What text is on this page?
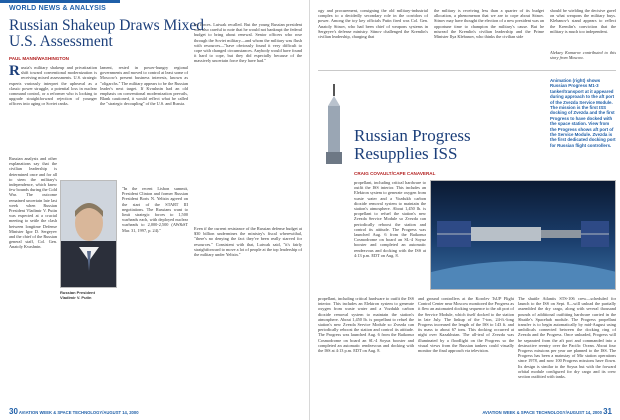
WORLD NEWS & ANALYSIS
Russian Shakeup Draws Mixed U.S. Assessment
PAUL MANN/WASHINGTON
R ussia's military shakeup and privatization shift toward conventional modernization is receiving mixed assessments. U.S. strategic experts variously interpret the upheaval as a classic power struggle, a potential loss in nuclear command control, or a reformer who is looking to upgrade straightforward rejection of younger officers into aging or Soviet ranks.
Russian analysts and other explanations say that the civilian leadership is determined once and for all to stem the military's independence, which knew few bounds during the Cold War. The outcome remained uncertain late last week when Russian President Vladimir V. Putin was expected at a crucial meeting to settle the clash between longtime Defense Minister Igor D. Sergeyev and the chief of the Russian general staff, Col. Gen. Anatoly Kvashnin.
Russian President
Vladimir V. Putin
lament, rested in power-hungry regional governments and moved to control at least some of Moscow's present business interests, known as "oligarchs." The military appears to be the Russian leader's next target. If Kvashnin had an old emphasis on conventional modernization prevails, Blank cautioned, it would reflect what he called the "strategic decoupling" of the U.S. and Russia.
"In the recent Lisbon summit, President Clinton and former Russian President Boris N. Yeltsin agreed on the start of the START III negotiations. The Russians want to limit strategic forces to 1,500 warheads each, with deployed nuclear warheads to 2,000-2,500 (AW&ST Mar. 31, 1997, p. 24)."
ret forces. Lutwak recalled. But the young Russian president was also careful to note that he would not bankrupt the federal budget to bring about renewal. Senior officers who rose through the Soviet military—and whom the military was flush with resources—"have obviously found it very difficult to cope with changed circumstances. Anybody would have found it hard to cope, but they did especially because of the massively uncertain force they have had."
Even if the current resistance of the Russian defense budget at $30 billion undermines the ministry's fiscal wherewithal, "there's no denying the fact they've been really starved for resources." Consistent with that, Lutwak said, "it's fairly straightforward to move a lot of people at the top leadership of the military under Yeltsin."
30 AVIATION WEEK & SPACE TECHNOLOGY/AUGUST 14, 2000
ogy and procurement, consigning the old military-industrial complex to a decidedly secondary role in the corridors of power. Among the toy key officials Putin fired was Col. Gen. Anatoly Sitnov, who had been chief of weapons systems in Sergeyev's defense ministry. Sitnov challenged the Kremlin's civilian leadership, charging that
the military is receiving less than a quarter of its budget allocation, a phenomenon that we are to cope about Sitnov. Sitnov may have thought the election of a new president was an opportune time to champion the military's cause. But he misread the Kremlin's civilian leadership and the Prime Minister Ilya Klebanov, who thinks the civilian side
should be wielding the decisive gavel on what weapons the military buys. Klebanov's stand appears to reflect the Kremlin's conviction that the military is much too independent.
Aleksey Komarov contributed to this story from Moscow.
Russian Progress Resupplies ISS
CRAIG COVAULT/CAPE CANAVERAL
Animation (right) shows Russian Progress M1-3 tanker/transport at it appeared during approach to the aft port of the Zvezda Service Module. The mission is the first ISS docking of Zvezda and the first Progress to have docked with the space station. View from the Progress shows aft port of the Service Module. Zvezda is the first dedicated docking port for Russian flight controllers.
propellant, including critical hardware to outfit the ISS interior. This includes an Elektron system to generate oxygen from waste water and a Vozdukh carbon dioxide removal system to maintain the station's atmosphere. About 1,450 lb. is propellant to refuel the station's new Zvezda Service Module so Zvezda can periodically reboost the station and control its attitude. The Progress was launched Aug. 6 from the Baikonur Cosmodrome on board an SL-4 Soyuz booster and completed an automatic rendezvous and docking with the ISS at 4:13 p.m. EDT on Aug. 8.
propellant, including critical hardware to outfit the ISS interior. This includes an Elektron system to generate oxygen from waste water and a Vozdukh carbon dioxide removal system to maintain the station's atmosphere. About 1,450 lb. is propellant to refuel the station's new Zvezda Service Module so Zvezda can periodically reboost the station and control its attitude. The Progress was launched Aug. 6 from the Baikonur Cosmodrome on board an SL-4 Soyuz booster and completed an automatic rendezvous and docking with the ISS at 4:13 p.m. EDT on Aug. 8.
and ground controllers at the Korolev TsUP Flight Control Center near Moscow monitored the Progress as it flew an automated docking sequence to the aft port of the Service Module, which itself docked to the station in late July. The linkup of the 7-ton, 24-ft.-long Progress increased the length of the ISS to 143 ft. and its mass to about 67 tons. This docking occurred at night over Kazakhstan. The all-teal of Zvezda was illuminated by a floodlight on the Progress so the visual views from the Russian tankers could visually monitor the final approach via television.
The shuttle Atlantis STS-106 crew—scheduled for launch to the ISS on Sept. 8—will unload the partially assembled the dry cargo, along with several thousand pounds of additional outfitting hardware carried in the Shuttle's Spacehab module. The Progress propellant transfer is to begin automatically by mid-August using umbilicals connected between the docking ring of Zvezda and the Progress. Once unloaded, Progress will be separated from the aft port and commanded into a destructive reentry over the Pacific Ocean. About four Progress missions per year are planned to the ISS. The Progress has been a mainstay of Mir station operations since 1978, and now 100 Progress missions have flown. Its design is similar to the Soyuz but with the forward orbital module configured for dry cargo and its crew section outfitted with tanks.
AVIATION WEEK & SPACE TECHNOLOGY/AUGUST 14, 2000 31
